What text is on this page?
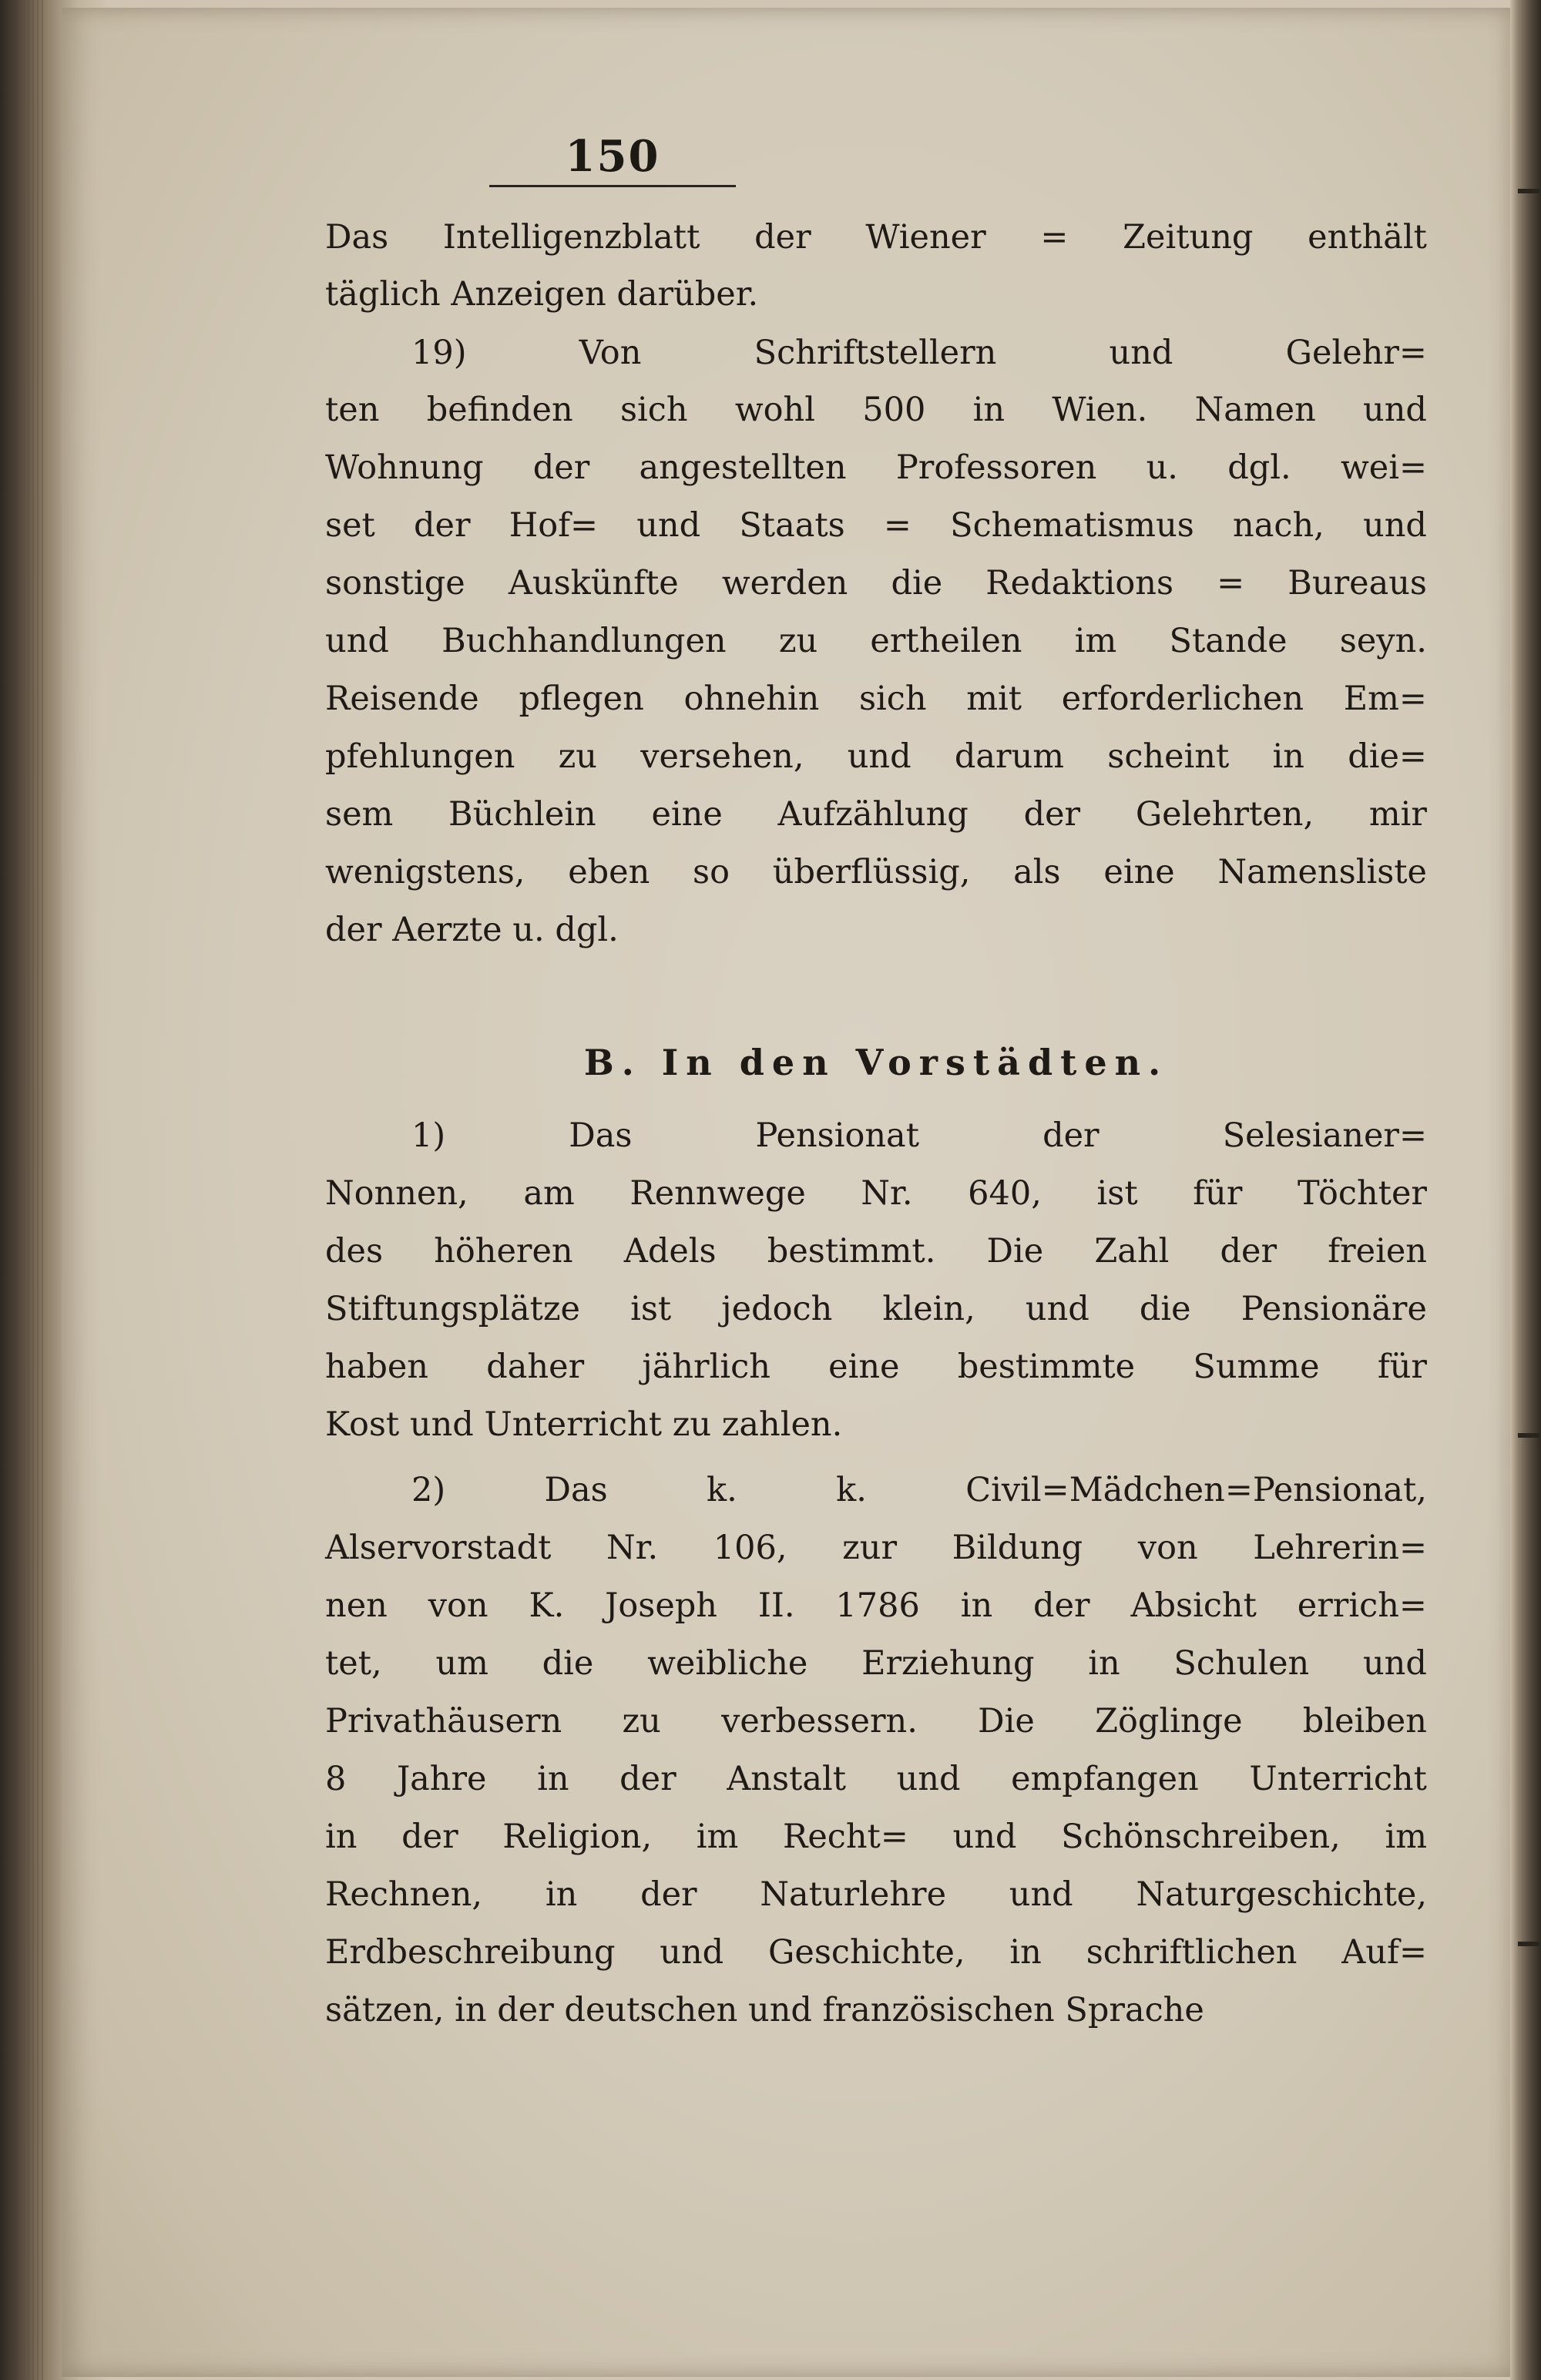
150
Das Intelligenzblatt der Wiener = Zeitung enthält
täglich Anzeigen darüber.
19)	Von	Schriftstellern	und	Gelehr=
ten befinden sich wohl 500 in Wien. Namen und
Wohnung der angestellten Professoren u. dgl. wei=
set der Hof= und Staats = Schematismus nach, und
sonstige Auskünfte werden die Redaktions = Bureaus
und Buchhandlungen zu ertheilen im Stande seyn.
Reisende pflegen ohnehin sich mit erforderlichen Em=
pfehlungen zu versehen, und darum scheint in die=
sem Büchlein eine Aufzählung der Gelehrten, mir
wenigstens, eben so überflüssig, als eine Namensliste
der Aerzte u. dgl.
B. In den Vorstädten.
1)	Das	Pensionat	der	Selesianer=
Nonnen, am Rennwege Nr. 640, ist für Töchter
des höheren Adels bestimmt. Die Zahl der freien
Stiftungsplätze ist jedoch klein, und die Pensionäre
haben daher jährlich eine bestimmte Summe für
Kost und Unterricht zu zahlen.
2)	Das	k.	k.	Civil=Mädchen=Pensionat,
Alservorstadt Nr. 106, zur Bildung von Lehrerin=
nen von K. Joseph II. 1786 in der Absicht errich=
tet, um die weibliche Erziehung in Schulen und
Privathäusern zu verbessern. Die Zöglinge bleiben
8 Jahre in der Anstalt und empfangen Unterricht
in der Religion, im Recht= und Schönschreiben, im
Rechnen, in der Naturlehre und Naturgeschichte,
Erdbeschreibung und Geschichte, in schriftlichen Auf=
sätzen, in der deutschen und französischen Sprache
